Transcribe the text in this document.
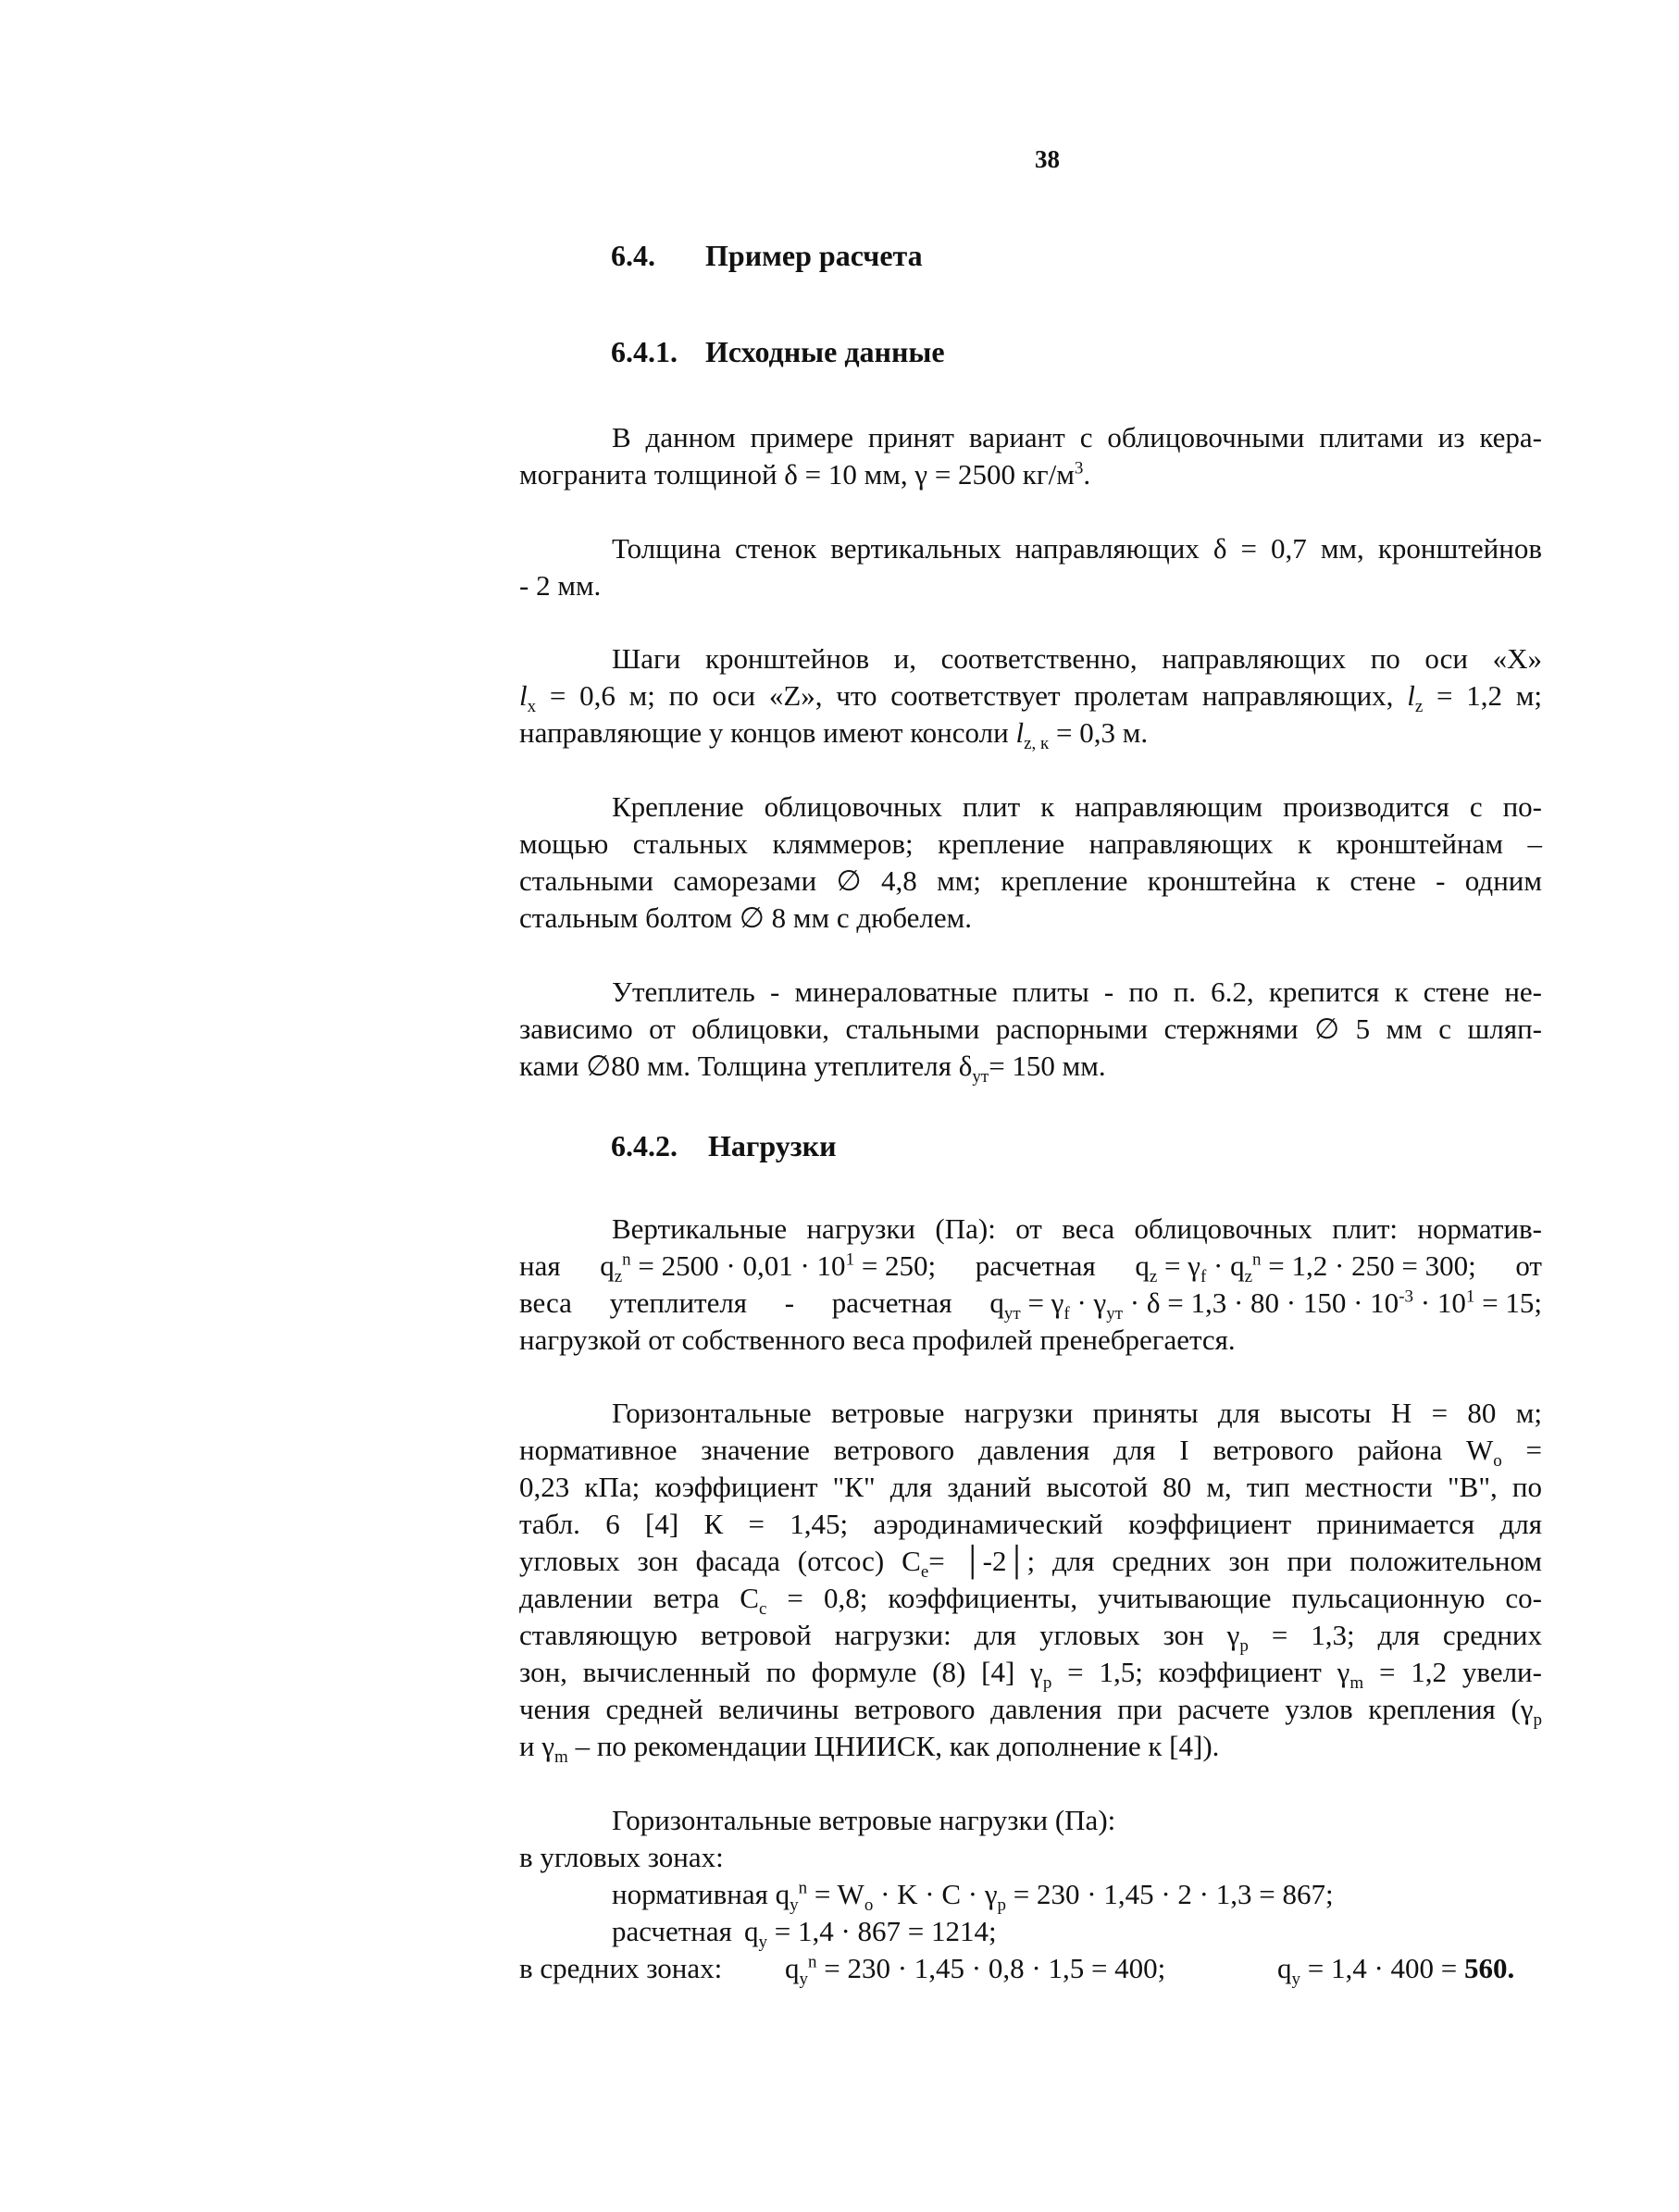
38
6.4. Пример расчета
6.4.1. Исходные данные
В данном примере принят вариант с облицовочными плитами из кера-
могранита толщиной δ = 10 мм, γ = 2500 $кг/м^3$.
Толщина стенок вертикальных направляющих δ = 0,7 мм, кронштейнов
- 2 мм.
Шаги кронштейнов и, соответственно, направляющих по оси «X»
$l_x = 0,6$ м; по оси «Z», что соответствует пролетам направляющих, $l_z = 1,2$ м;
направляющие у концов имеют консоли $l_{z, к} = 0,3$ м.
Крепление облицовочных плит к направляющим производится с по-
мощью стальных кляммеров; крепление направляющих к кронштейнам –
стальными саморезами ∅ 4,8 мм; крепление кронштейна к стене - одним
стальным болтом ∅ 8 мм с дюбелем.
Утеплитель - минераловатные плиты - по п. 6.2, крепится к стене не-
зависимо от облицовки, стальными распорными стержнями ∅ 5 мм с шляп-
ками ∅80 мм. Толщина утеплителя $\delta_{ут}= 150$ мм.
6.4.2. Нагрузки
Вертикальные нагрузки (Па): от веса облицовочных плит: норматив-
ная $q_z^n = 2500 \cdot 0,01 \cdot 10^1 = 250$; расчетная $q_z = \gamma_f \cdot q_z^n = 1,2 \cdot 250 = 300$; от
веса утеплителя - расчетная $q_{ут} = \gamma_f \cdot \gamma_{ут} \cdot \delta = 1,3 \cdot 80 \cdot 150 \cdot 10^{-3} \cdot 10^1 = 15$;
нагрузкой от собственного веса профилей пренебрегается.
Горизонтальные ветровые нагрузки приняты для высоты H = 80 м;
нормативное значение ветрового давления для I ветрового района $W_o$ =
0,23 кПа; коэффициент "К" для зданий высотой 80 м, тип местности "В", по
табл. 6 [4] К = 1,45; аэродинамический коэффициент принимается для
угловых зон фасада (отсос) $С_е=$ │-2│; для средних зон при положительном
давлении ветра $С_с = 0,8$; коэффициенты, учитывающие пульсационную со-
ставляющую ветровой нагрузки: для угловых зон $\gamma_р = 1,3$; для средних
зон, вычисленный по формуле (8) [4] $\gamma_р = 1,5$; коэффициент $\gamma_m = 1,2$ увели-
чения средней величины ветрового давления при расчете узлов крепления ($\gamma_р$
и $\gamma_m$ – по рекомендации ЦНИИСК, как дополнение к [4]).
Горизонтальные ветровые нагрузки (Па):
в угловых зонах:
нормативная $q_у^n = W_o \cdot K \cdot C \cdot \gamma_р = 230 \cdot 1,45 \cdot 2 \cdot 1,3 = 867$;
расчетная $q_у = 1,4 \cdot 867 = 1214$;
в средних зонах: $q_у^n = 230 \cdot 1,45 \cdot 0,8 \cdot 1,5 = 400$;	$q_у = 1,4 \cdot 400 = 560$.
